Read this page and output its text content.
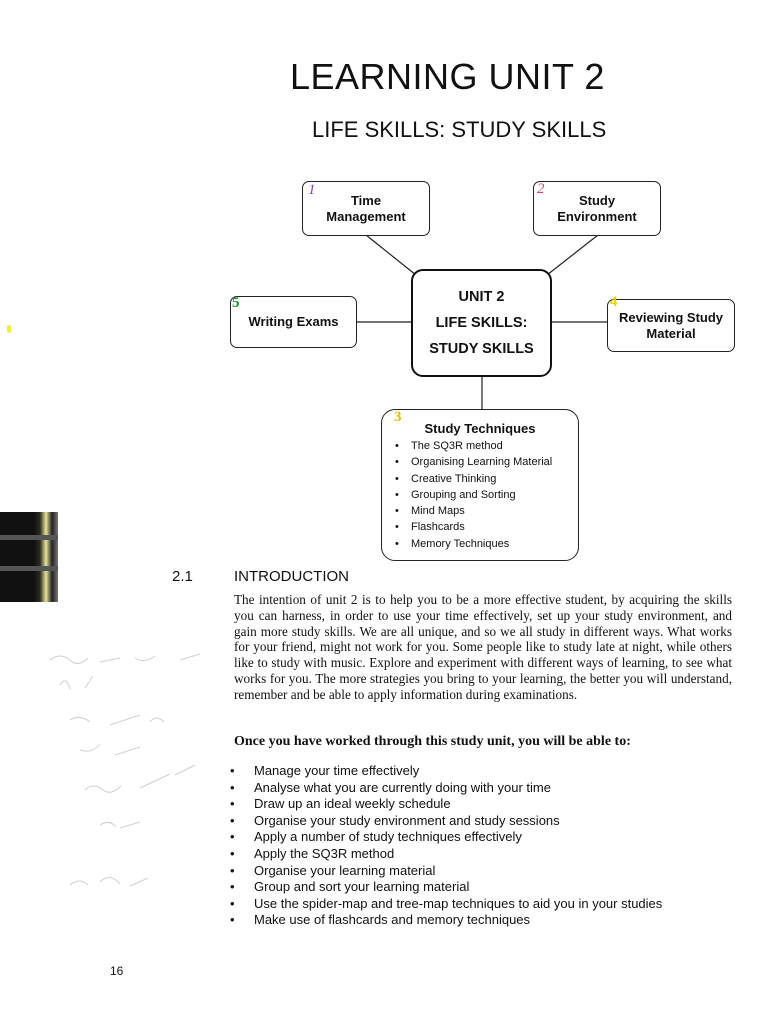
LEARNING UNIT 2
LIFE SKILLS: STUDY SKILLS
Time
Management
1
Study
Environment
2
Writing Exams
5	UNIT 2
LIFE SKILLS:
STUDY SKILLS
Reviewing Study
Material
4
3
Study Techniques
• The SQ3R method
• Organising Learning Material
• Creative Thinking
• Grouping and Sorting
• Mind Maps
• Flashcards
• Memory Techniques
2.1	INTRODUCTION
The intention of unit 2 is to help you to be a more effective student, by acquiring the skills you can harness, in order to use your time effectively, set up your study environment, and gain more study skills. We are all unique, and so we all study in different ways. What works for your friend, might not work for you. Some people like to study late at night, while others like to study with music. Explore and experiment with different ways of learning, to see what works for you. The more strategies you bring to your learning, the better you will understand, remember and be able to apply information during examinations.
Once you have worked through this study unit, you will be able to:
• Manage your time effectively
• Analyse what you are currently doing with your time
• Draw up an ideal weekly schedule
• Organise your study environment and study sessions
• Apply a number of study techniques effectively
• Apply the SQ3R method
• Organise your learning material
• Group and sort your learning material
• Use the spider-map and tree-map techniques to aid you in your studies
• Make use of flashcards and memory techniques
16
